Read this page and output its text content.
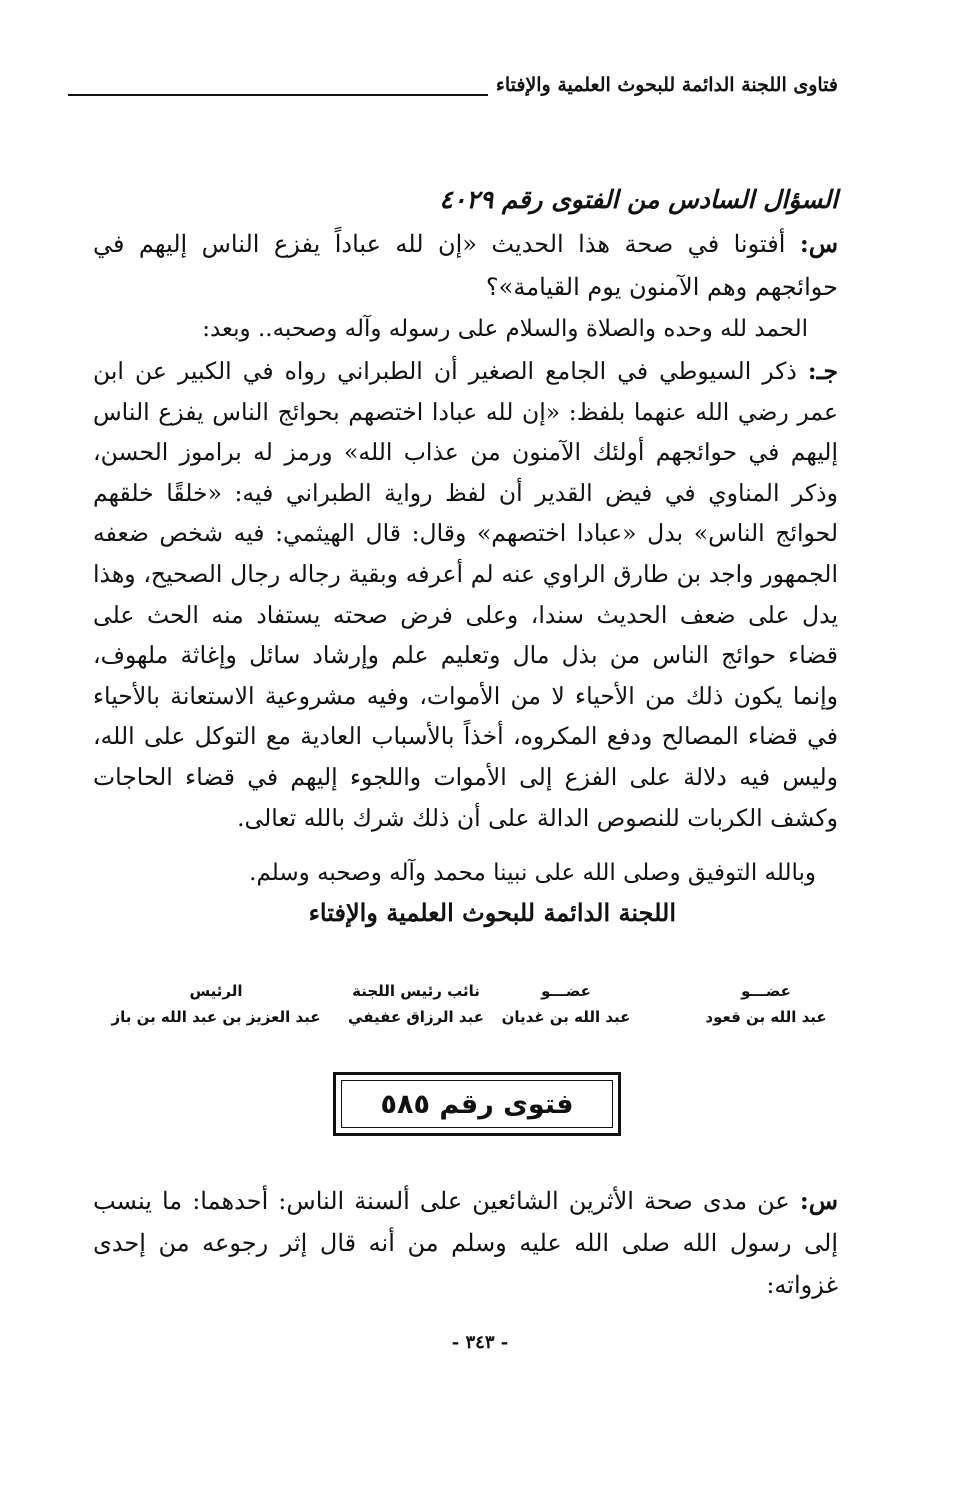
فتاوى اللجنة الدائمة للبحوث العلمية والإفتاء
السؤال السادس من الفتوى رقم ٤٠٢٩
س: أفتونا في صحة هذا الحديث «إن لله عباداً يفزع الناس إليهم في حوائجهم وهم الآمنون يوم القيامة»؟
الحمد لله وحده والصلاة والسلام على رسوله وآله وصحبه.. وبعد:
جـ: ذكر السيوطي في الجامع الصغير أن الطبراني رواه في الكبير عن ابن عمر رضي الله عنهما بلفظ: «إن لله عبادا اختصهم بحوائج الناس يفزع الناس إليهم في حوائجهم أولئك الآمنون من عذاب الله» ورمز له براموز الحسن، وذكر المناوي في فيض القدير أن لفظ رواية الطبراني فيه: «خلقًا خلقهم لحوائج الناس» بدل «عبادا اختصهم» وقال: قال الهيثمي: فيه شخص ضعفه الجمهور واجد بن طارق الراوي عنه لم أعرفه وبقية رجاله رجال الصحيح، وهذا يدل على ضعف الحديث سندا، وعلى فرض صحته يستفاد منه الحث على قضاء حوائج الناس من بذل مال وتعليم علم وإرشاد سائل وإغاثة ملهوف، وإنما يكون ذلك من الأحياء لا من الأموات، وفيه مشروعية الاستعانة بالأحياء في قضاء المصالح ودفع المكروه، أخذاً بالأسباب العادية مع التوكل على الله، وليس فيه دلالة على الفزع إلى الأموات واللجوء إليهم في قضاء الحاجات وكشف الكربات للنصوص الدالة على أن ذلك شرك بالله تعالى.
وبالله التوفيق وصلى الله على نبينا محمد وآله وصحبه وسلم.
اللجنة الدائمة للبحوث العلمية والإفتاء
عضـــو
عبد الله بن قعود
عضـــو
عبد الله بن غديان
نائب رئيس اللجنة
عبد الرزاق عفيفي
الرئيس
عبد العزيز بن عبد الله بن باز
فتوى رقم ٥٨٥
س: عن مدى صحة الأثرين الشائعين على ألسنة الناس: أحدهما: ما ينسب إلى رسول الله صلى الله عليه وسلم من أنه قال إثر رجوعه من إحدى غزواته:
- ٣٤٣ -
